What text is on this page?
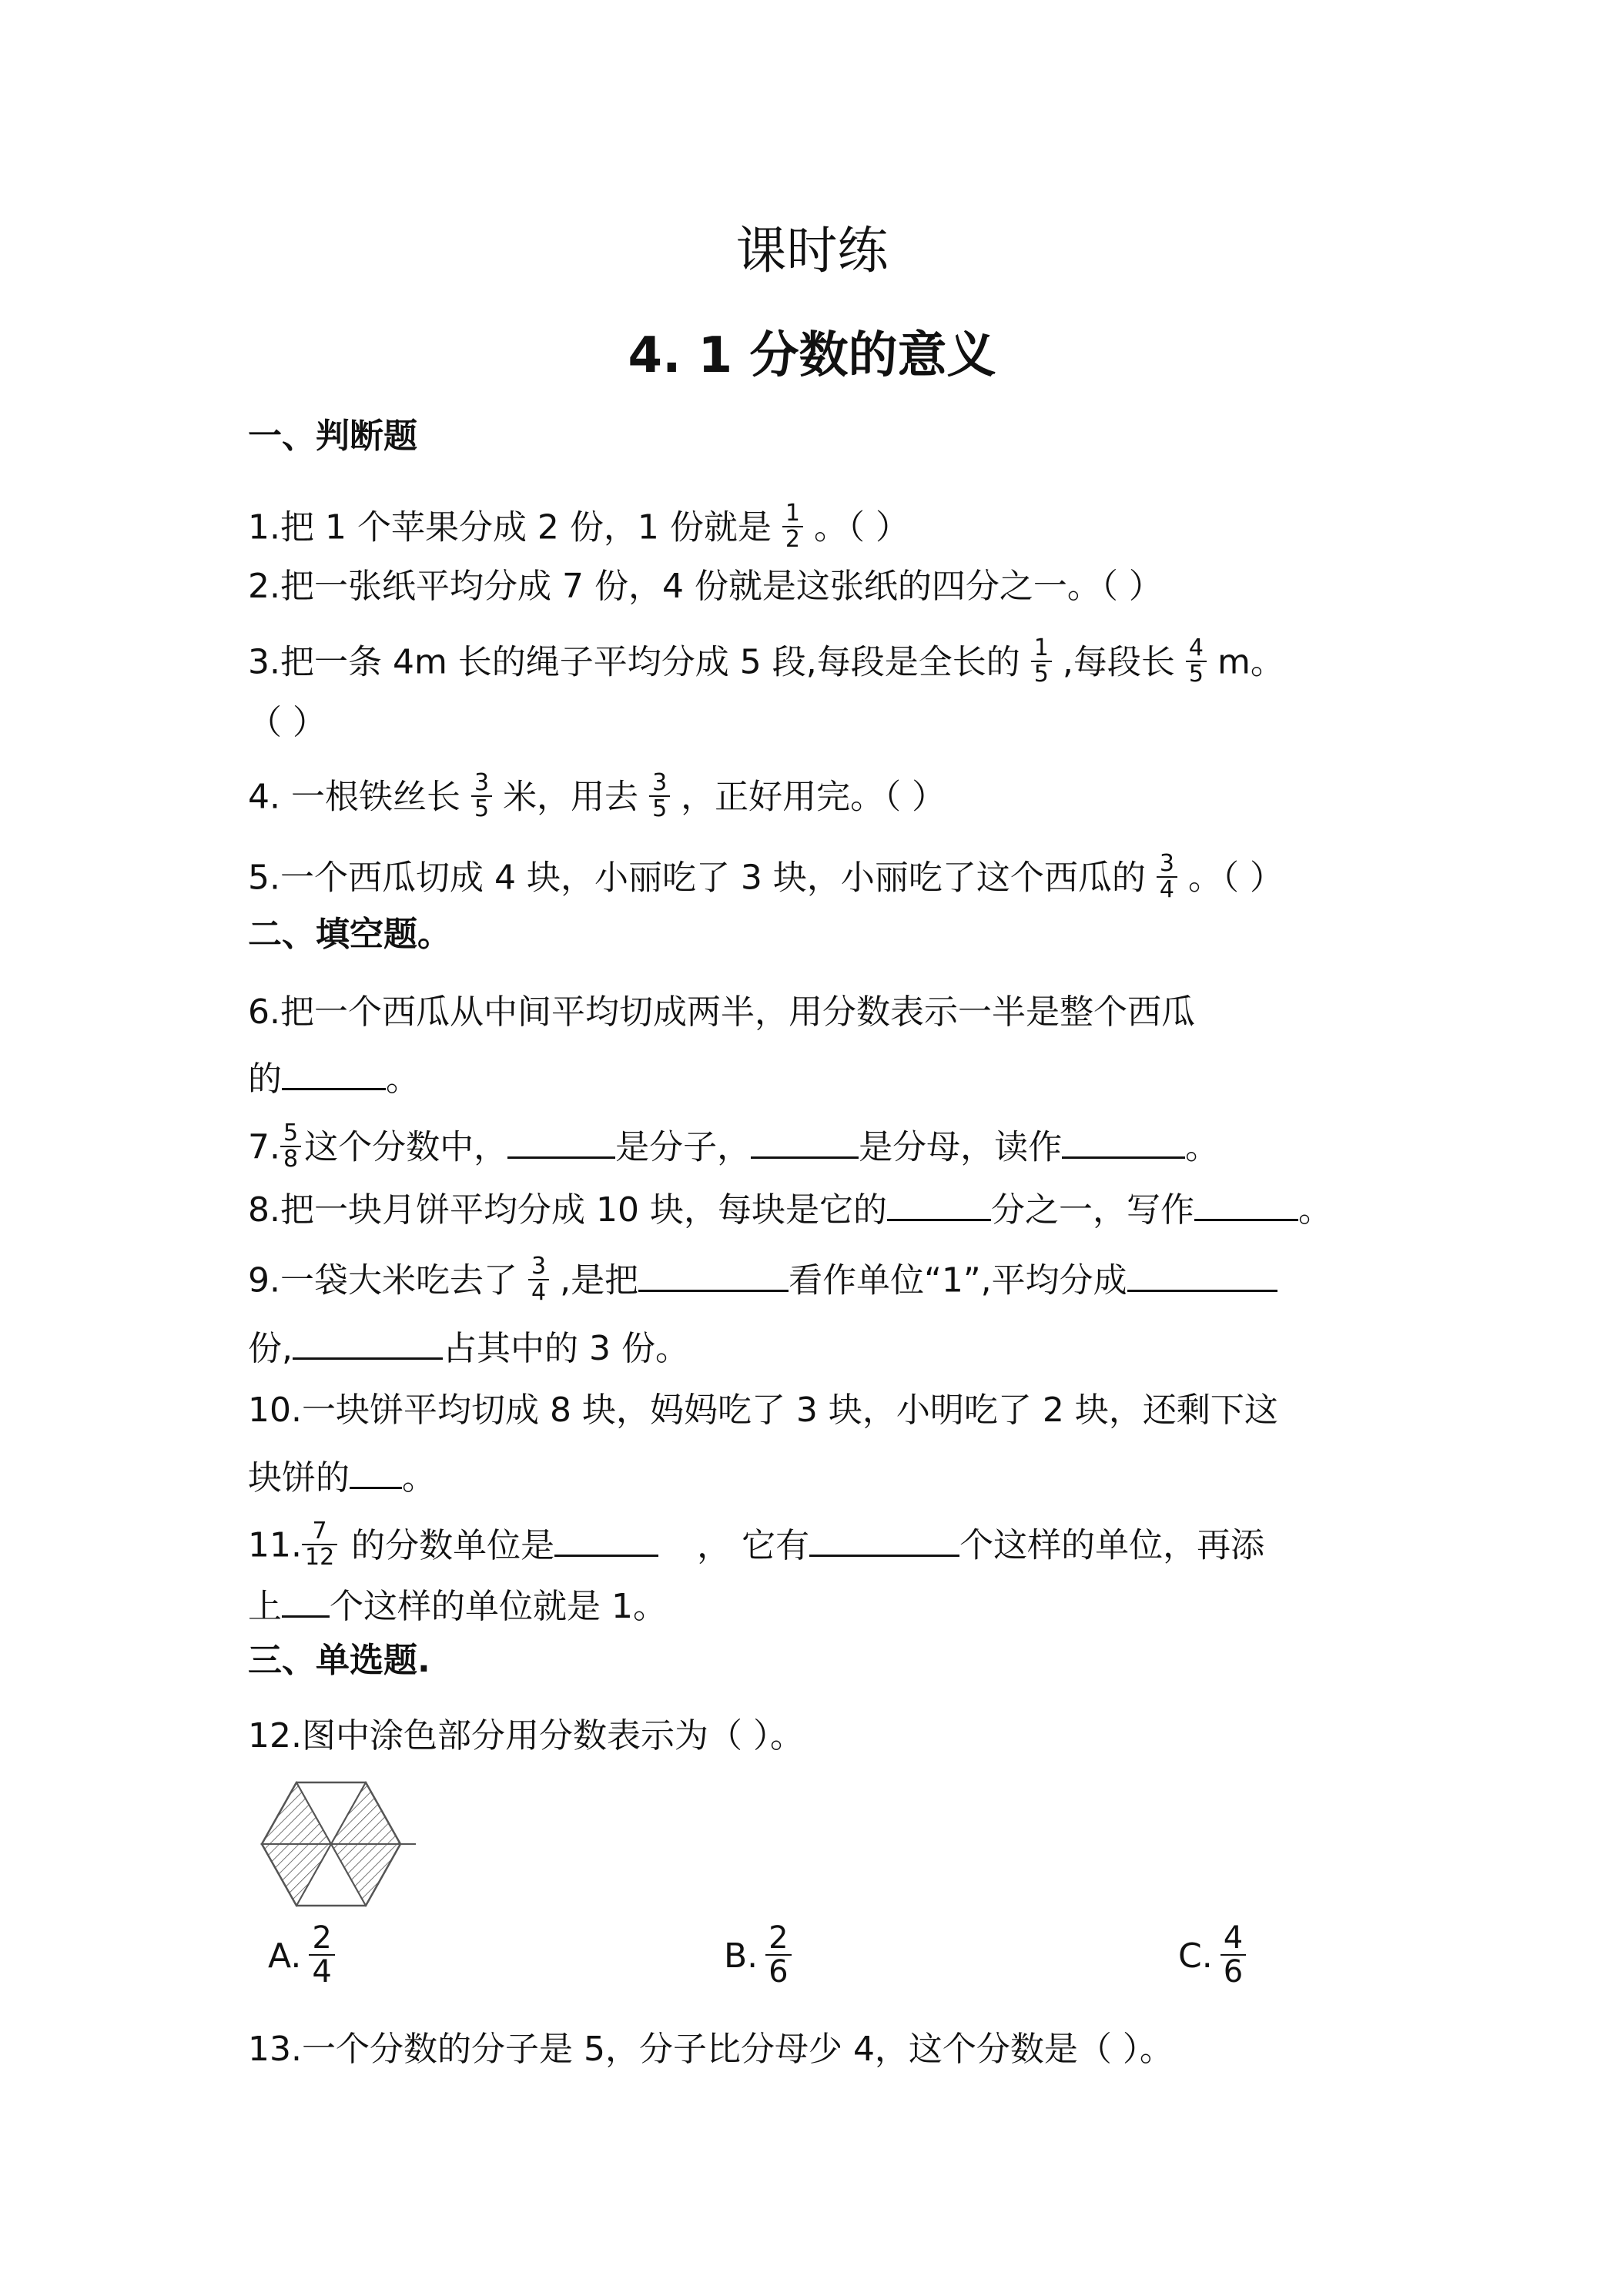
课时练
4. 1 分数的意义
一、判断题
1.把 1 个苹果分成 2 份，1 份就是 $\frac{1}{2}$ 。（ ）
2.把一张纸平均分成 7 份，4 份就是这张纸的四分之一。（ ）
3.把一条 4m 长的绳子平均分成 5 段,每段是全长的 $\frac{1}{5}$ ,每段长 $\frac{4}{5}$ m。
（ ）
4. 一根铁丝长 $\frac{3}{5}$ 米，用去 $\frac{3}{5}$ ，正好用完。（ ）
5.一个西瓜切成 4 块，小丽吃了 3 块，小丽吃了这个西瓜的 $\frac{3}{4}$ 。（ ）
二、填空题。
6.把一个西瓜从中间平均切成两半，用分数表示一半是整个西瓜
的	。
7. $\frac{5}{8}$ 这个分数中，	是分子，	是分母，读作	。
8.把一块月饼平均分成 10 块，每块是它的	分之一，写作	。
9.一袋大米吃去了 $\frac{3}{4}$ ,是把	看作单位“1”,平均分成
份,	占其中的 3 份。
10.一块饼平均切成 8 块，妈妈吃了 3 块，小明吃了 2 块，还剩下这
块饼的 。
11. $\frac{7}{12}$ 的分数单位是	， 它有	个这样的单位，再添
上 个这样的单位就是 1。
三、单选题.
12.图中涂色部分用分数表示为（ ）。
A. $\frac{2}{4}$	B. $\frac{2}{6}$	C. $\frac{4}{6}$
13.一个分数的分子是 5，分子比分母少 4，这个分数是（ ）。
